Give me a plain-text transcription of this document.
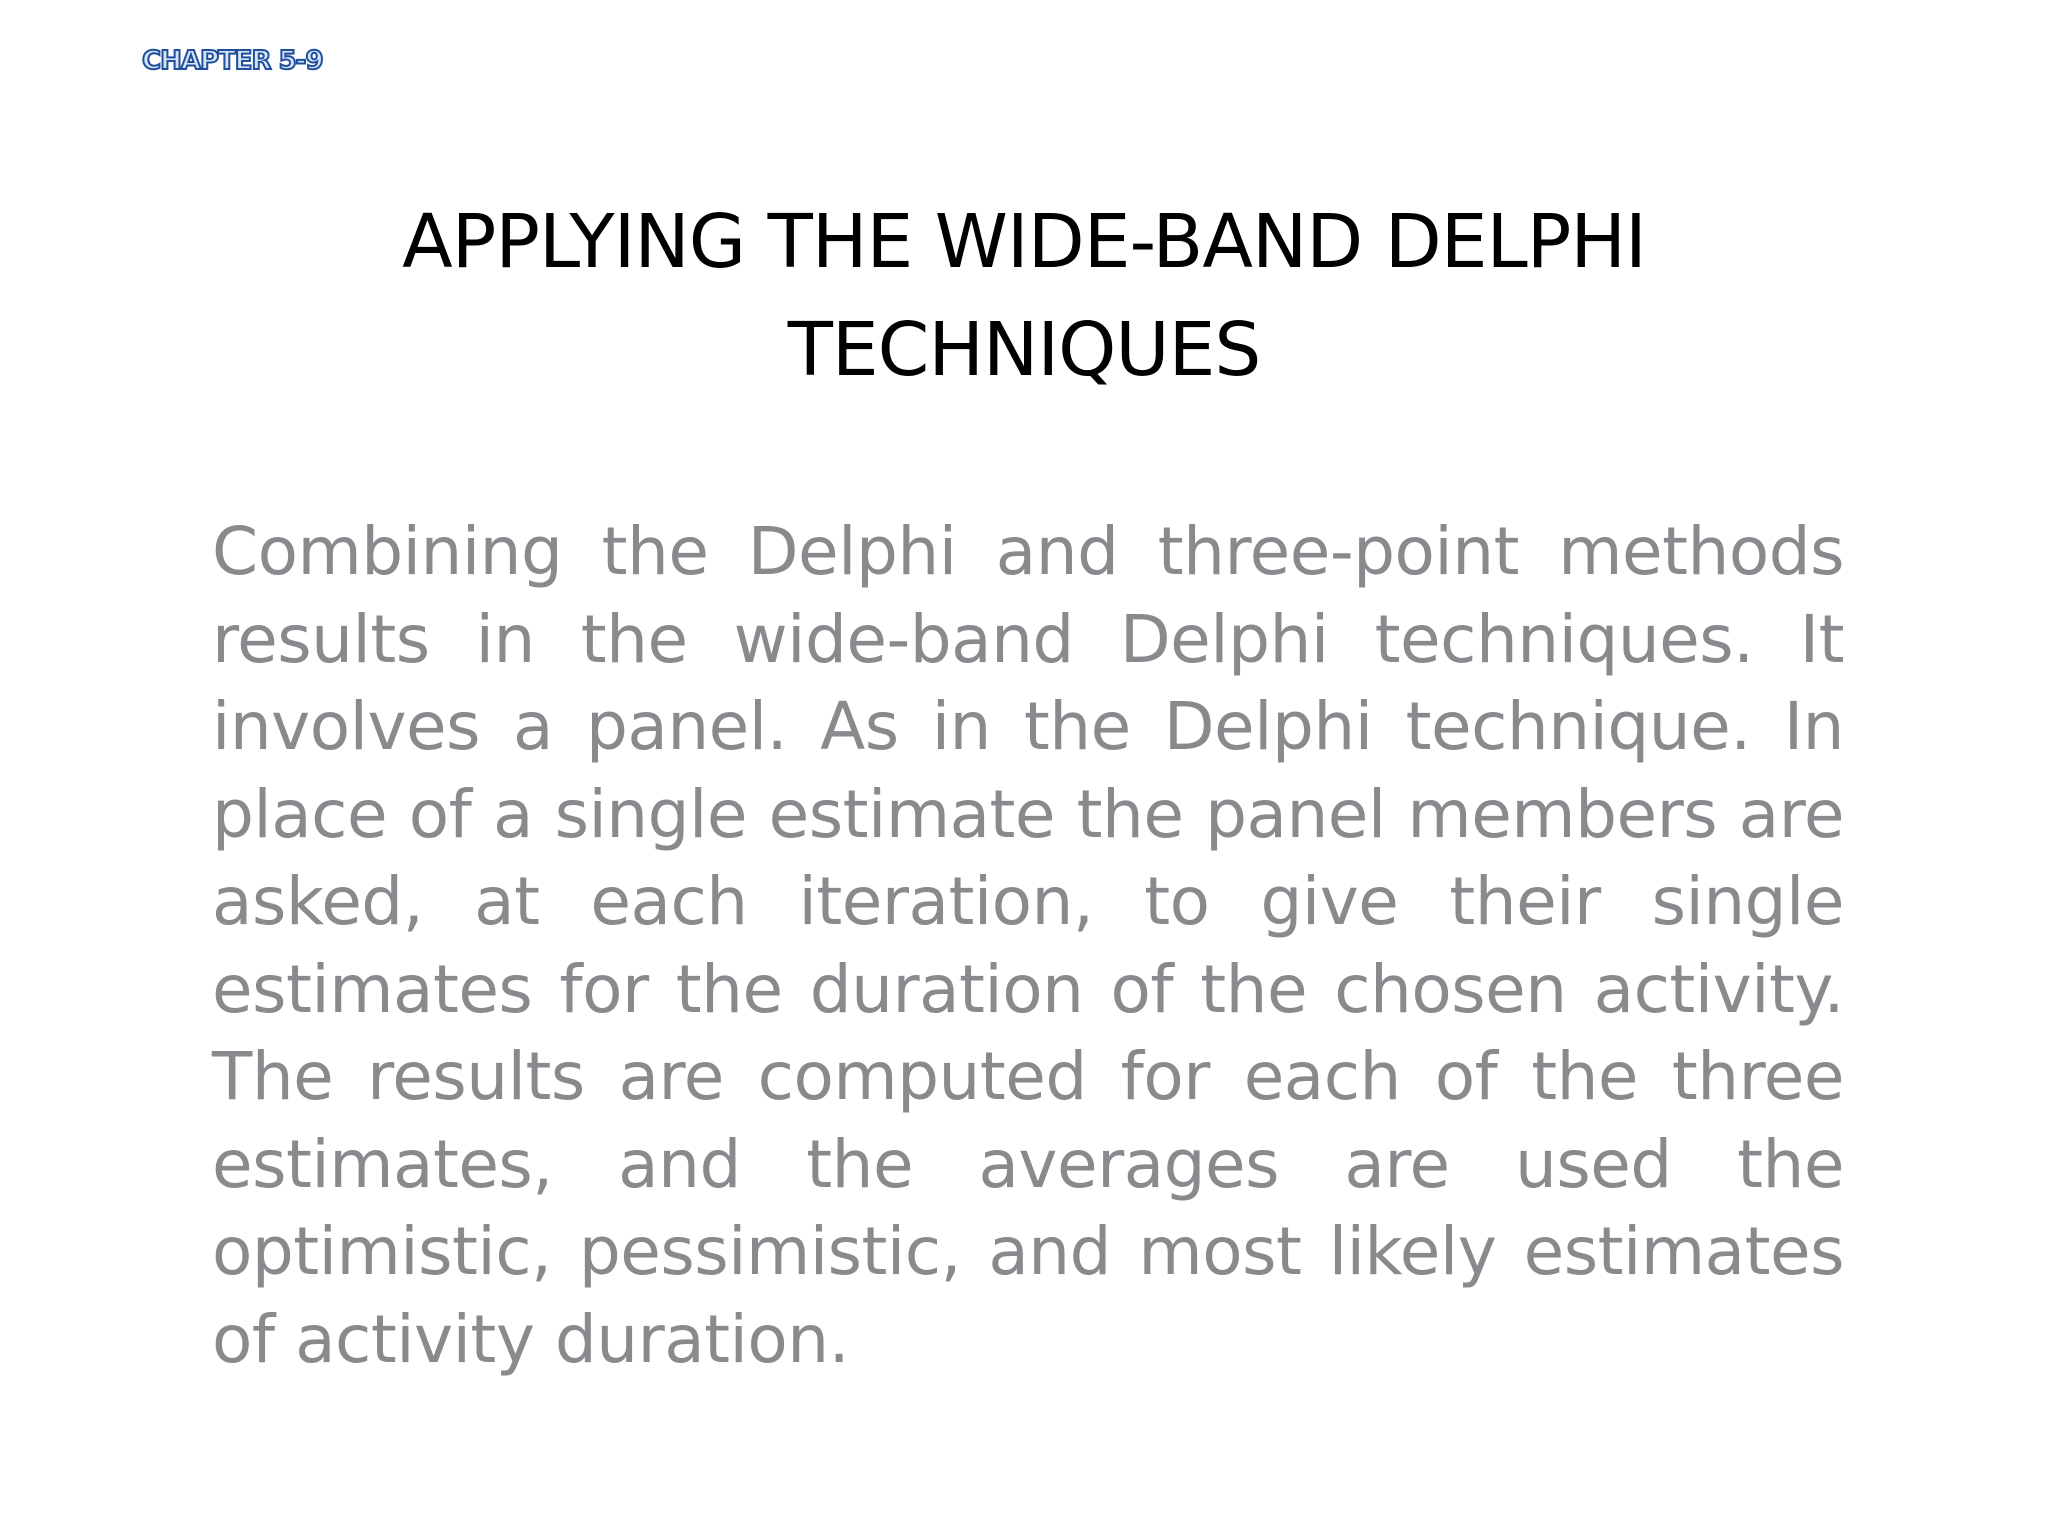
CHAPTER 5-9
APPLYING THE WIDE-BAND DELPHI
TECHNIQUES

Combining the Delphi and three-point methods results in the wide-band Delphi techniques. It involves a panel. As in the Delphi technique. In place of a single estimate the panel members are asked, at each iteration, to give their single estimates for the duration of the chosen activity. The results are computed for each of the three estimates, and the averages are used the optimistic, pessimistic, and most likely estimates of activity duration.
